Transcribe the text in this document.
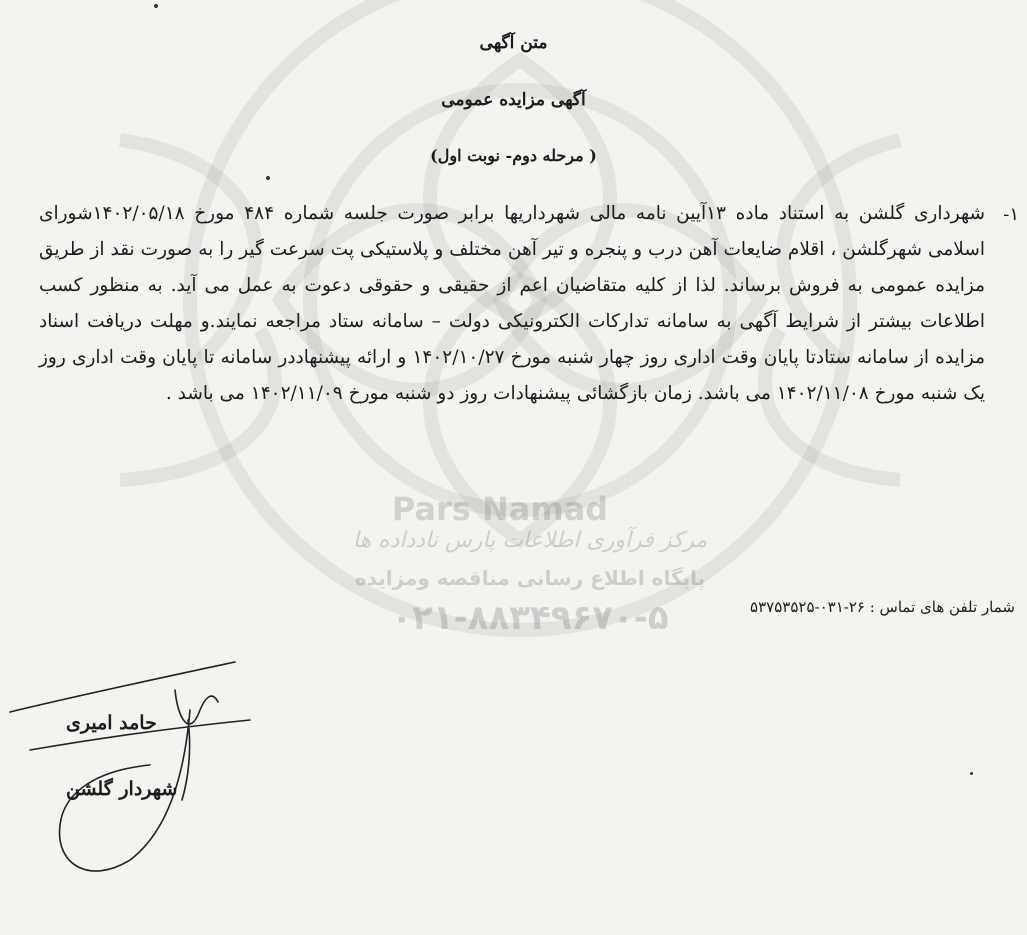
Pars Namad
مرکز فرآوری اطلاعات پارس نادداده ها
پایگاه اطلاع رسانی مناقصه ومزایده
۰۲۱-۸۸۳۴۹۶۷۰-۵
متن آگهی
آگهی مزایده عمومی
( مرحله دوم- نوبت اول)
۱-
شهرداری گلشن به استناد ماده ۱۳آیین نامه مالی شهرداریها برابر صورت جلسه شماره ۴۸۴ مورخ ۱۴۰۲/۰۵/۱۸شورای اسلامی شهرگلشن ، اقلام ضایعات آهن درب و پنجره و تیر آهن مختلف و پلاستیکی پت سرعت گیر را به صورت نقد از طریق مزایده عمومی به فروش برساند. لذا از کلیه متقاضیان اعم از حقیقی و حقوقی دعوت به عمل می آید. به منظور کسب اطلاعات بیشتر از شرایط آگهی به سامانه تدارکات الکترونیکی دولت – سامانه ستاد مراجعه نمایند.و مهلت دریافت اسناد مزایده از سامانه ستادتا پایان وقت اداری روز چهار شنبه مورخ ۱۴۰۲/۱۰/۲۷ و ارائه پیشنهاددر سامانه تا پایان وقت اداری روز یک شنبه مورخ ۱۴۰۲/۱۱/۰۸ می باشد. زمان بازگشائی پیشنهادات روز دو شنبه مورخ ۱۴۰۲/۱۱/۰۹ می باشد .
شمار تلفن های تماس : ۲۶-۰۳۱-۵۳۷۵۳۵۲۵
حامد امیری
شهردار گلشن
